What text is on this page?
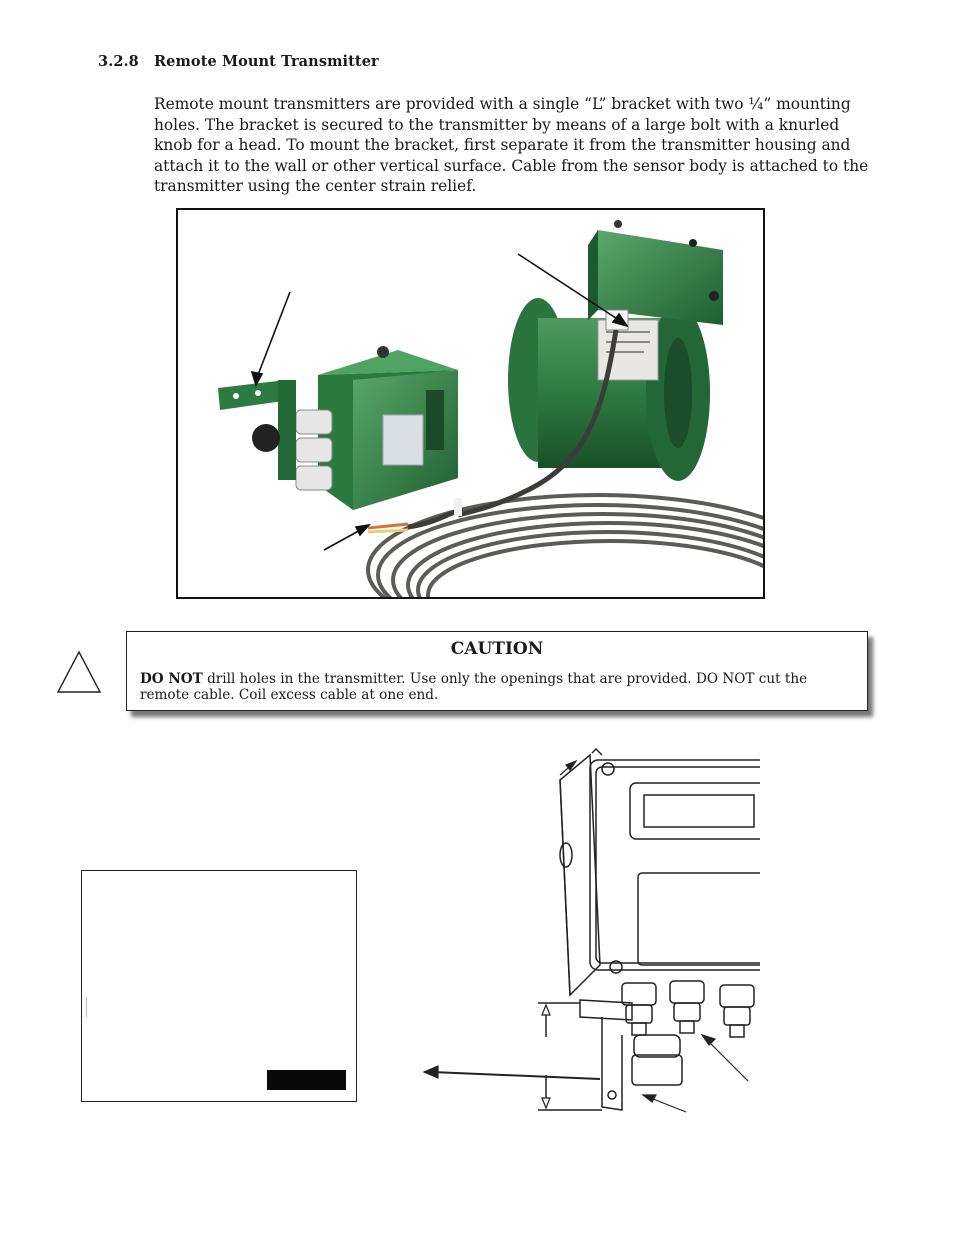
3.2.8 Remote Mount Transmitter
Remote mount transmitters are provided with a single “L” bracket with two ¼” mounting holes. The bracket is secured to the transmitter by means of a large bolt with a knurled knob for a head. To mount the bracket, first separate it from the transmitter housing and attach it to the wall or other vertical surface. Cable from the sensor body is attached to the transmitter using the center strain relief.
CAUTION
DO NOT drill holes in the transmitter. Use only the openings that are provided. DO NOT cut the remote cable. Coil excess cable at one end.
